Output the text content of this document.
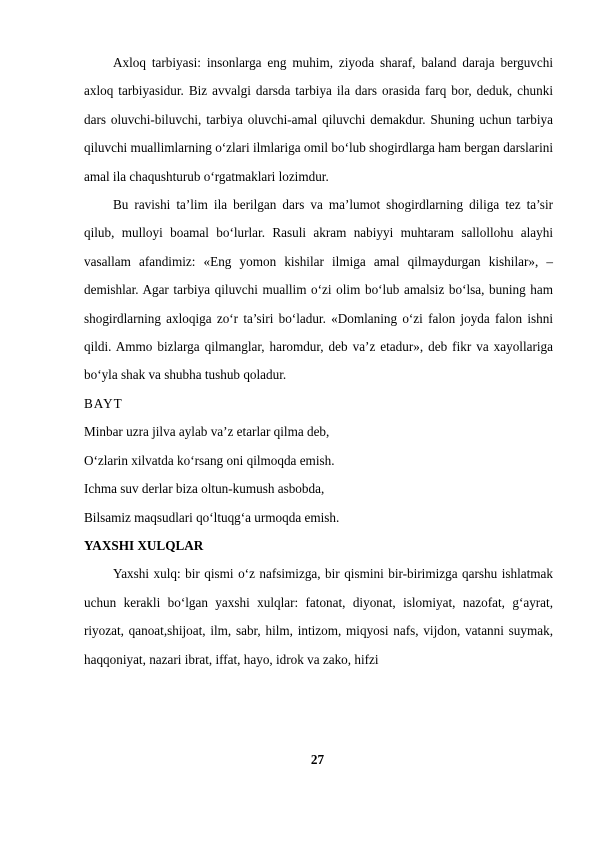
Axloq tarbiyasi: insonlarga eng muhim, ziyoda sharaf, baland daraja berguvchi axloq tarbiyasidur. Biz avvalgi darsda tarbiya ila dars orasida farq bor, deduk, chunki dars oluvchi-biluvchi, tarbiya oluvchi-amal qiluvchi demakdur. Shuning uchun tarbiya qiluvchi muallimlarning o‘zlari ilmlariga omil bo‘lub shogirdlarga ham bergan darslarini amal ila chaqushturub o‘rgatmaklari lozimdur.

Bu ravishi ta’lim ila berilgan dars va ma’lumot shogirdlarning diliga tez ta’sir qilub, mulloyi boamal bo‘lurlar. Rasuli akram nabiyyi muhtaram sallollohu alayhi vasallam afandimiz: «Eng yomon kishilar ilmiga amal qilmaydurgan kishilar», – demishlar. Agar tarbiya qiluvchi muallim o‘zi olim bo‘lub amalsiz bo‘lsa, buning ham shogirdlarning axloqiga zo‘r ta’siri bo‘ladur. «Domlaning o‘zi falon joyda falon ishni qildi. Ammo bizlarga qilmanglar, haromdur, deb va’z etadur», deb fikr va xayollariga bo‘yla shak va shubha tushub qoladur.

BAYT

Minbar uzra jilva aylab va’z etarlar qilma deb,

O‘zlarin xilvatda ko‘rsang oni qilmoqda emish.

Ichma suv derlar biza oltun-kumush asbobda,

Bilsamiz maqsudlari qo‘ltuqg‘a urmoqda emish.

YAXSHI XULQLAR

Yaxshi xulq: bir qismi o‘z nafsimizga, bir qismini bir-birimizga qarshu ishlatmak uchun kerakli bo‘lgan yaxshi xulqlar: fatonat, diyonat, islomiyat, nazofat, g‘ayrat, riyozat, qanoat,shijoat, ilm, sabr, hilm, intizom, miqyosi nafs, vijdon, vatanni suymak, haqqoniyat, nazari ibrat, iffat, hayo, idrok va zako, hifzi

27
